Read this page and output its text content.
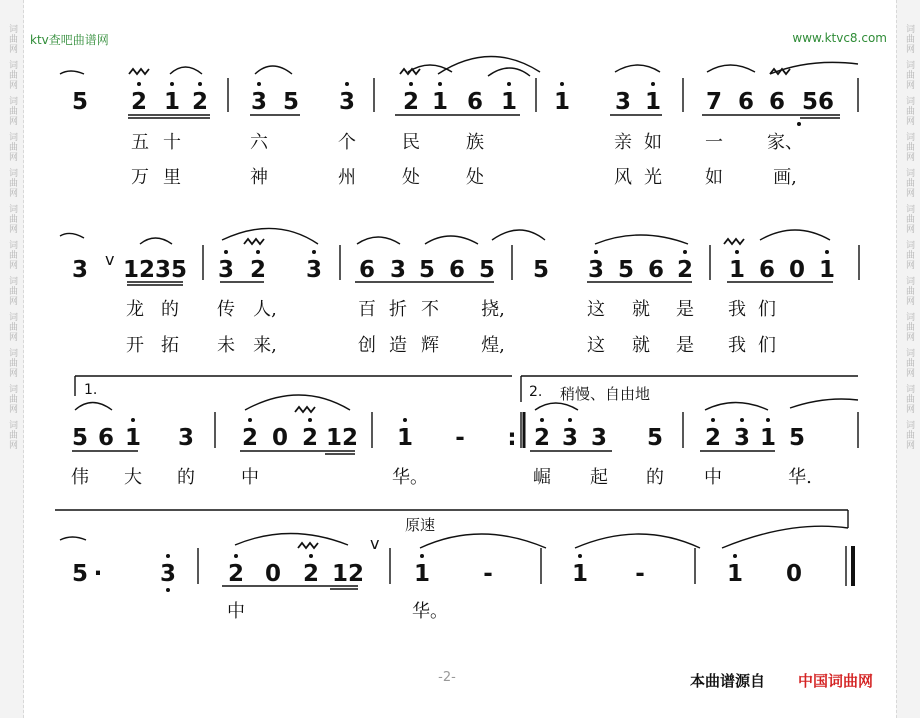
词曲网
词曲网
词曲网
词曲网
词曲网
词曲网
词曲网
词曲网
词曲网
词曲网
词曲网
词曲网
词曲网
词曲网
词曲网
词曲网
词曲网
词曲网
词曲网
词曲网
词曲网
词曲网
词曲网
词曲网
ktv查吧曲谱网	www.ktvc8.com
5 2 1 2 3 5 3 2 1 6 1 1 3 1 7 6 6 56
五 十	六	个	民	族	亲 如 一 家、
万 里	神	州	处	处	风 光 如	画,
3 v 1235 3 2 3 6 3 5 6 5 5 3 5 6 2 1 6 0 1
龙 的 传 人,	百 折 不 挠,	这 就 是 我 们
开 拓 未 来,	创 造 辉 煌,	这 就 是 我 们
1.	2. 稍慢、自由地
5 6 1 3 2 0 2 12 1 - : 2 3 3 5 2 3 1 5
伟 大 的	中	华。	崛 起 的 中	华.
原速
5 ·	3 2 0 2 12
v
1 -	1 -	1 0
中	华。
-2-	本曲谱源自 中国词曲网
